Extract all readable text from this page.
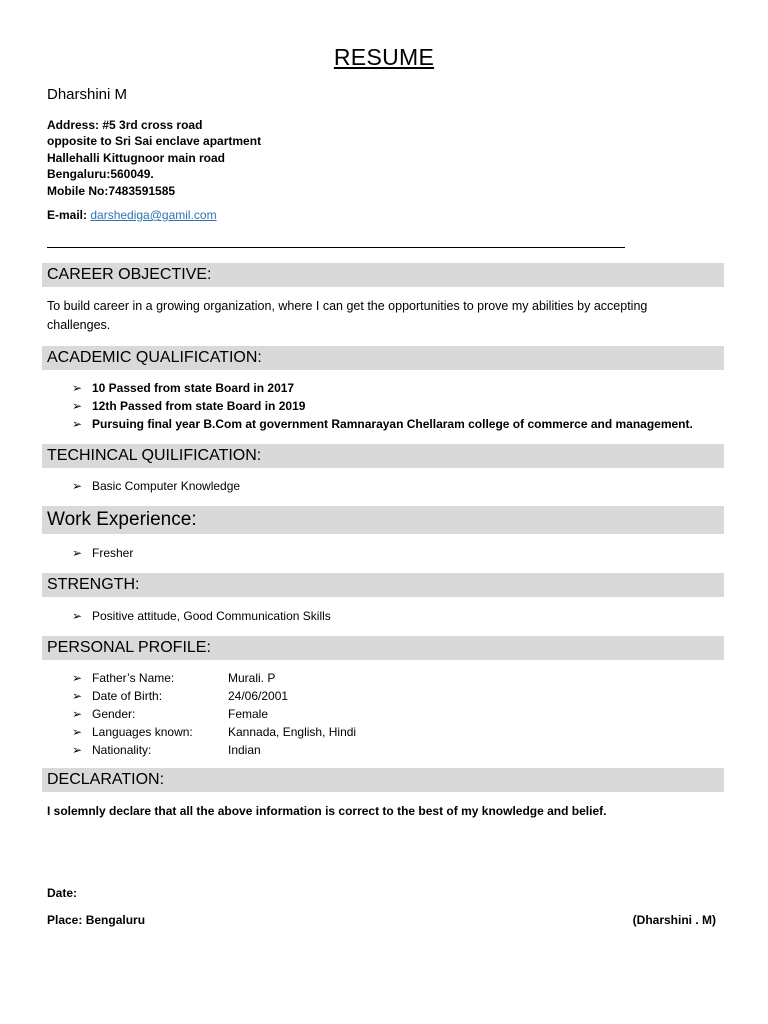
RESUME
Dharshini M
Address: #5 3rd cross road
opposite to Sri Sai enclave apartment
Hallehalli Kittugnoor main road
Bengaluru:560049.
Mobile No:7483591585
E-mail: darshediga@gamil.com
CAREER OBJECTIVE:
To build career in a growing organization, where I can get the opportunities to prove my abilities by accepting challenges.
ACADEMIC QUALIFICATION:
➢ 10 Passed from state Board in 2017
➢ 12th Passed from state Board in 2019
➢ Pursuing final year B.Com at government Ramnarayan Chellaram college of commerce and management.
TECHINCAL QUILIFICATION:
➢ Basic Computer Knowledge
Work Experience:
➢ Fresher
STRENGTH:
➢ Positive attitude, Good Communication Skills
PERSONAL PROFILE:
➢ Father’s Name:	Murali. P
➢ Date of Birth:	24/06/2001
➢ Gender:	Female
➢ Languages known:	Kannada, English, Hindi
➢ Nationality:	Indian
DECLARATION:
I solemnly declare that all the above information is correct to the best of my knowledge and belief.
Date:
Place: Bengaluru	(Dharshini . M)
